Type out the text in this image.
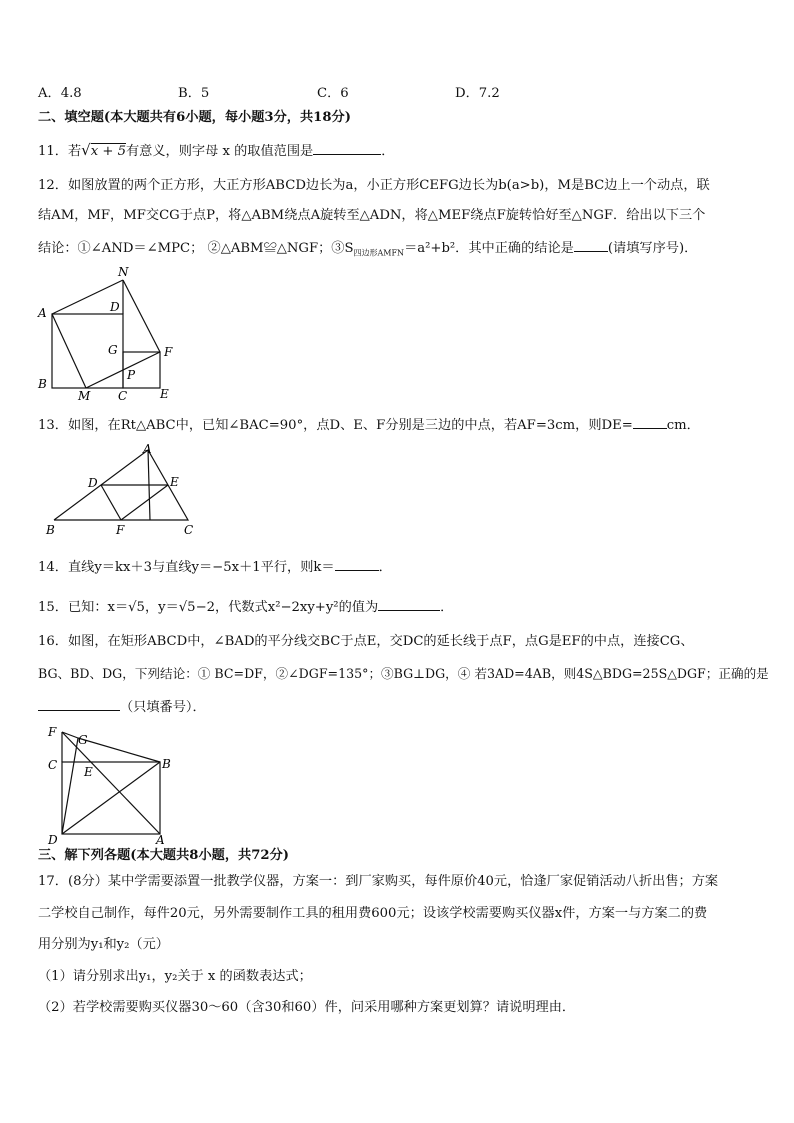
A．4.8	B．5	C．6	D．7.2
二、填空题(本大题共有6小题，每小题3分，共18分)
11．若√x + 5有意义，则字母 x 的取值范围是	．
12．如图放置的两个正方形，大正方形ABCD边长为a，小正方形CEFG边长为b(a>b)，M是BC边上一个动点，联
结AM，MF，MF交CG于点P，将△ABM绕点A旋转至△ADN，将△MEF绕点F旋转恰好至△NGF．给出以下三个
结论：①∠AND＝∠MPC； ②△ABM≌△NGF；$③S_{四边形AMFN}=a^2+b^2$．其中正确的结论是	(请填写序号)．
N
D
A
G	F
P
B
M C	E
13．如图，在Rt△ABC中，已知∠BAC=90°，点D、E、F分别是三边的中点，若AF=3cm，则DE=	cm．
A
D	E
B	F	C
14．直线y＝kx＋3与直线y＝−5x＋1平行，则k＝	．
15．已知：x＝√5，y＝√5−2，代数式x²−2xy+y²的值为	．
16．如图，在矩形ABCD中，∠BAD的平分线交BC于点E，交DC的延长线于点F，点G是EF的中点，连接CG、
BG、BD、DG，下列结论：① BC=DF，②∠DGF=135°；③BG⊥DG，④ 若3AD=4AB，则4S△BDG=25S△DGF；正确的是
（只填番号）．
F
G
C E
B
D	A
三、解下列各题(本大题共8小题，共72分)
17．(8分）某中学需要添置一批教学仪器，方案一：到厂家购买，每件原价40元，恰逢厂家促销活动八折出售；方案
二学校自己制作，每件20元，另外需要制作工具的租用费600元；设该学校需要购买仪器x件，方案一与方案二的费
用分别为y₁和y₂（元）
（1）请分别求出y₁，y₂关于 x 的函数表达式；
（2）若学校需要购买仪器30～60（含30和60）件，问采用哪种方案更划算？请说明理由．
